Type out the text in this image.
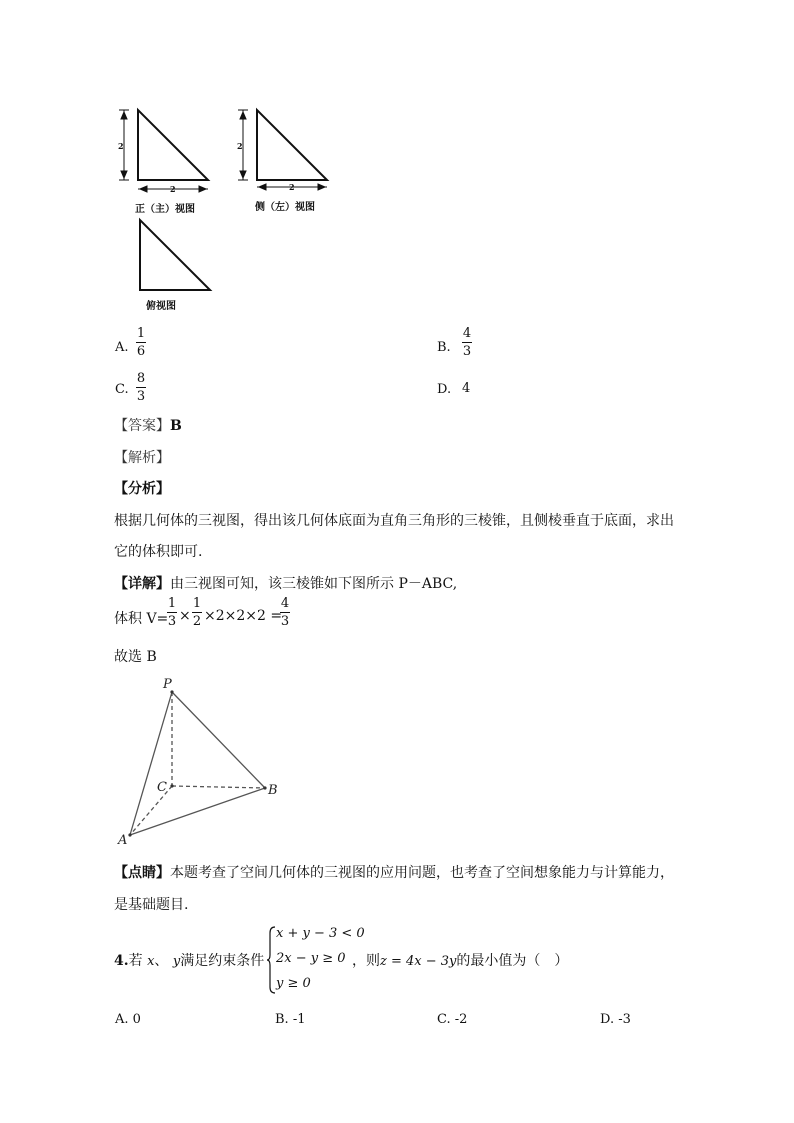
2
2
2
2
正（主）视图	侧（左）视图
俯视图
A.
1
6	B.
4
3
C.
8
3	D. 4
【答案】B
【解析】
【分析】
根据几何体的三视图，得出该几何体底面为直角三角形的三棱锥，且侧棱垂直于底面，求出
它的体积即可.
【详解】由三视图可知，该三棱锥如下图所示 P－ABC,
体积 V=
1
3 ×
1
2 ×2×2×2 =
4
3
故选 B
P
A
B
C
【点睛】本题考查了空间几何体的三视图的应用问题，也考查了空间想象能力与计算能力，
是基础题目.
4.若 x、 y满足约束条件
x + y − 3 < 0
2x − y ≥ 0
y ≥ 0
，则z = 4x − 3y的最小值为（　）
A. 0	B. -1	C. -2	D. -3
